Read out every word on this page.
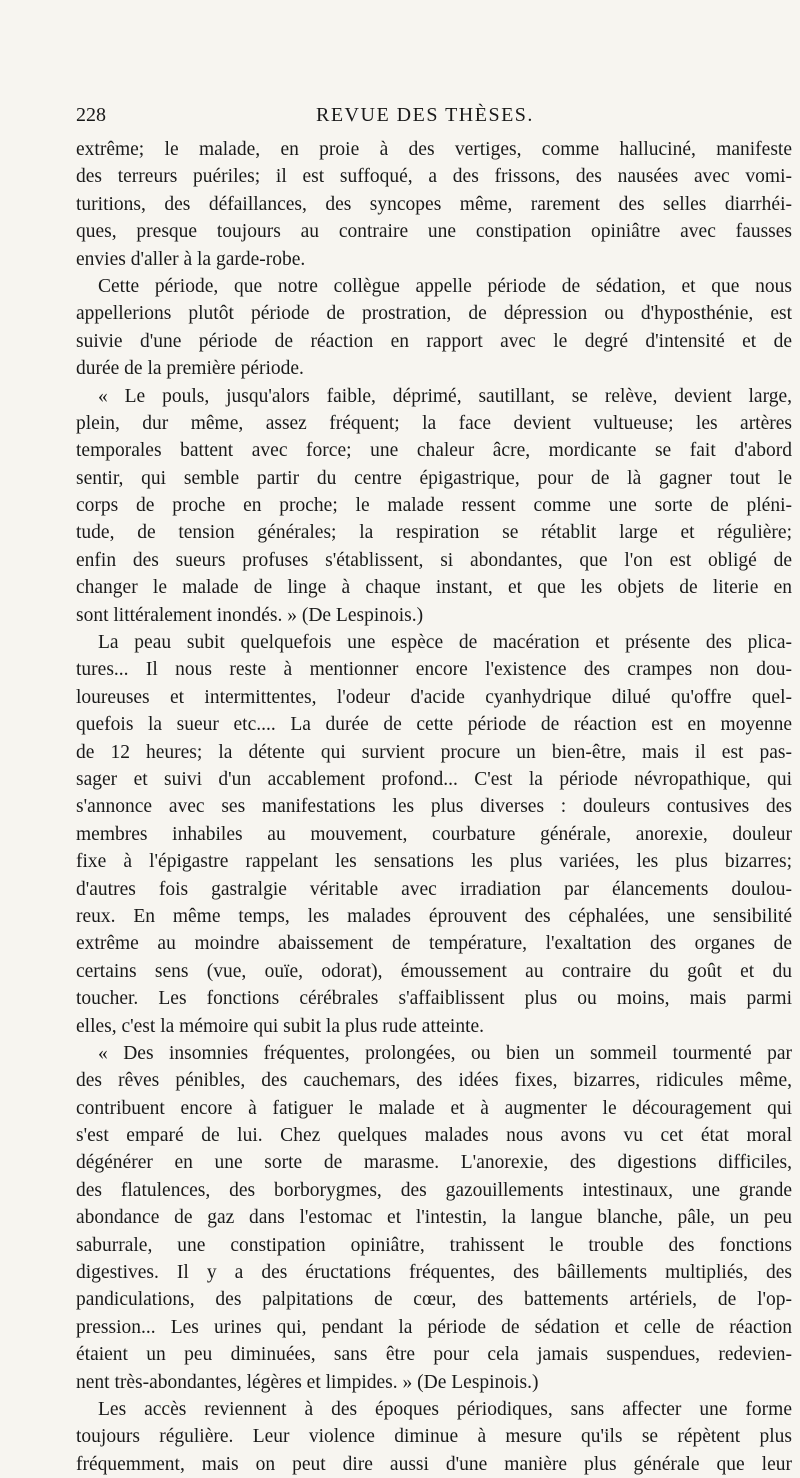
228	REVUE DES THÈSES.
extrême; le malade, en proie à des vertiges, comme halluciné, manifeste
des terreurs puériles; il est suffoqué, a des frissons, des nausées avec vomi-
turitions, des défaillances, des syncopes même, rarement des selles diarrhéi-
ques, presque toujours au contraire une constipation opiniâtre avec fausses
envies d'aller à la garde-robe.
Cette période, que notre collègue appelle période de sédation, et que nous
appellerions plutôt période de prostration, de dépression ou d'hyposthénie, est
suivie d'une période de réaction en rapport avec le degré d'intensité et de
durée de la première période.
« Le pouls, jusqu'alors faible, déprimé, sautillant, se relève, devient large,
plein, dur même, assez fréquent; la face devient vultueuse; les artères
temporales battent avec force; une chaleur âcre, mordicante se fait d'abord
sentir, qui semble partir du centre épigastrique, pour de là gagner tout le
corps de proche en proche; le malade ressent comme une sorte de pléni-
tude, de tension générales; la respiration se rétablit large et régulière;
enfin des sueurs profuses s'établissent, si abondantes, que l'on est obligé de
changer le malade de linge à chaque instant, et que les objets de literie en
sont littéralement inondés. » (De Lespinois.)
La peau subit quelquefois une espèce de macération et présente des plica-
tures... Il nous reste à mentionner encore l'existence des crampes non dou-
loureuses et intermittentes, l'odeur d'acide cyanhydrique dilué qu'offre quel-
quefois la sueur etc.... La durée de cette période de réaction est en moyenne
de 12 heures; la détente qui survient procure un bien-être, mais il est pas-
sager et suivi d'un accablement profond... C'est la période névropathique, qui
s'annonce avec ses manifestations les plus diverses : douleurs contusives des
membres inhabiles au mouvement, courbature générale, anorexie, douleur
fixe à l'épigastre rappelant les sensations les plus variées, les plus bizarres;
d'autres fois gastralgie véritable avec irradiation par élancements doulou-
reux. En même temps, les malades éprouvent des céphalées, une sensibilité
extrême au moindre abaissement de température, l'exaltation des organes de
certains sens (vue, ouïe, odorat), émoussement au contraire du goût et du
toucher. Les fonctions cérébrales s'affaiblissent plus ou moins, mais parmi
elles, c'est la mémoire qui subit la plus rude atteinte.
« Des insomnies fréquentes, prolongées, ou bien un sommeil tourmenté par
des rêves pénibles, des cauchemars, des idées fixes, bizarres, ridicules même,
contribuent encore à fatiguer le malade et à augmenter le découragement qui
s'est emparé de lui. Chez quelques malades nous avons vu cet état moral
dégénérer en une sorte de marasme. L'anorexie, des digestions difficiles,
des flatulences, des borborygmes, des gazouillements intestinaux, une grande
abondance de gaz dans l'estomac et l'intestin, la langue blanche, pâle, un peu
saburrale, une constipation opiniâtre, trahissent le trouble des fonctions
digestives. Il y a des éructations fréquentes, des bâillements multipliés, des
pandiculations, des palpitations de cœur, des battements artériels, de l'op-
pression... Les urines qui, pendant la période de sédation et celle de réaction
étaient un peu diminuées, sans être pour cela jamais suspendues, redevien-
nent très-abondantes, légères et limpides. » (De Lespinois.)
Les accès reviennent à des époques périodiques, sans affecter une forme
toujours régulière. Leur violence diminue à mesure qu'ils se répètent plus
fréquemment, mais on peut dire aussi d'une manière plus générale que leur
